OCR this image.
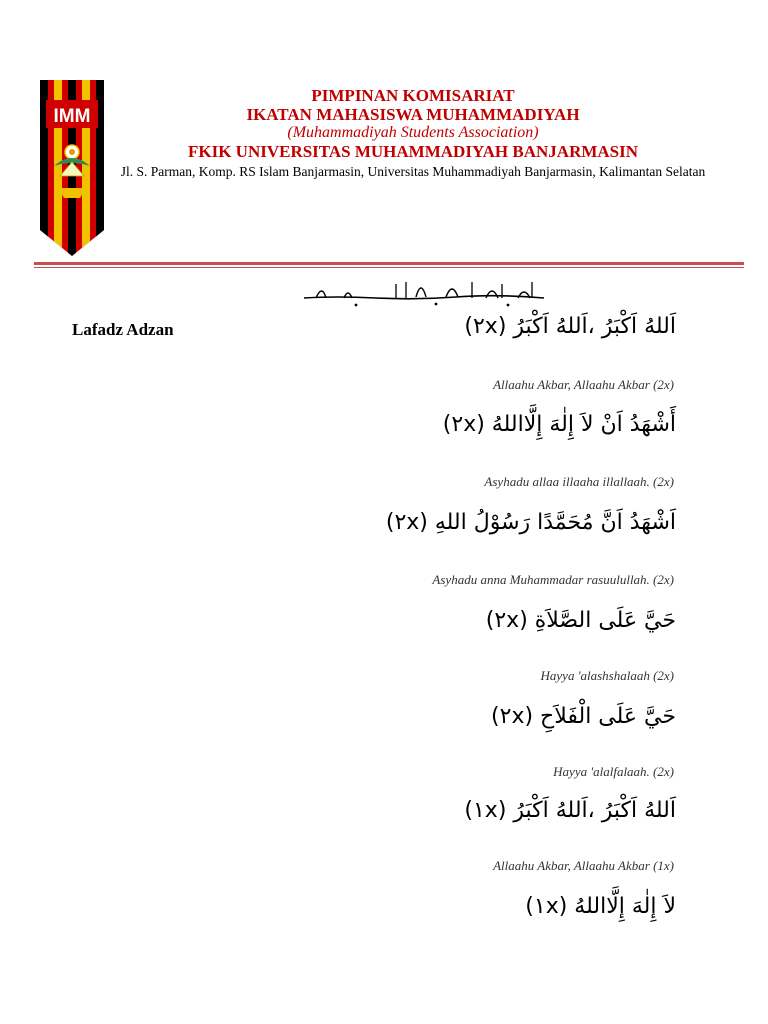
IMM
PIMPINAN KOMISARIAT
IKATAN MAHASISWA MUHAMMADIYAH
(Muhammadiyah Students Association)
FKIK UNIVERSITAS MUHAMMADIYAH BANJARMASIN
Jl. S. Parman, Komp. RS Islam Banjarmasin, Universitas Muhammadiyah Banjarmasin, Kalimantan Selatan
Lafadz Adzan	اَللهُ اَكْبَرُ ،اَللهُ اَكْبَرُ (٢x)
Allaahu Akbar, Allaahu Akbar (2x)
أَشْهَدُ اَنْ لاَ إِلٰهَ إِلَّااللهُ (٢x)
Asyhadu allaa illaaha illallaah. (2x)
اَشْهَدُ اَنَّ مُحَمَّدًا رَسُوْلُ اللهِ (٢x)
Asyhadu anna Muhammadar rasuulullah. (2x)
حَيَّ عَلَى الصَّلاَةِ (٢x)
Hayya 'alashshalaah (2x)
حَيَّ عَلَى الْفَلاَحِ (٢x)
Hayya 'alalfalaah. (2x)
اَللهُ اَكْبَرُ ،اَللهُ اَكْبَرُ (١x)
Allaahu Akbar, Allaahu Akbar (1x)
لاَ إِلٰهَ إِلَّااللهُ (١x)
